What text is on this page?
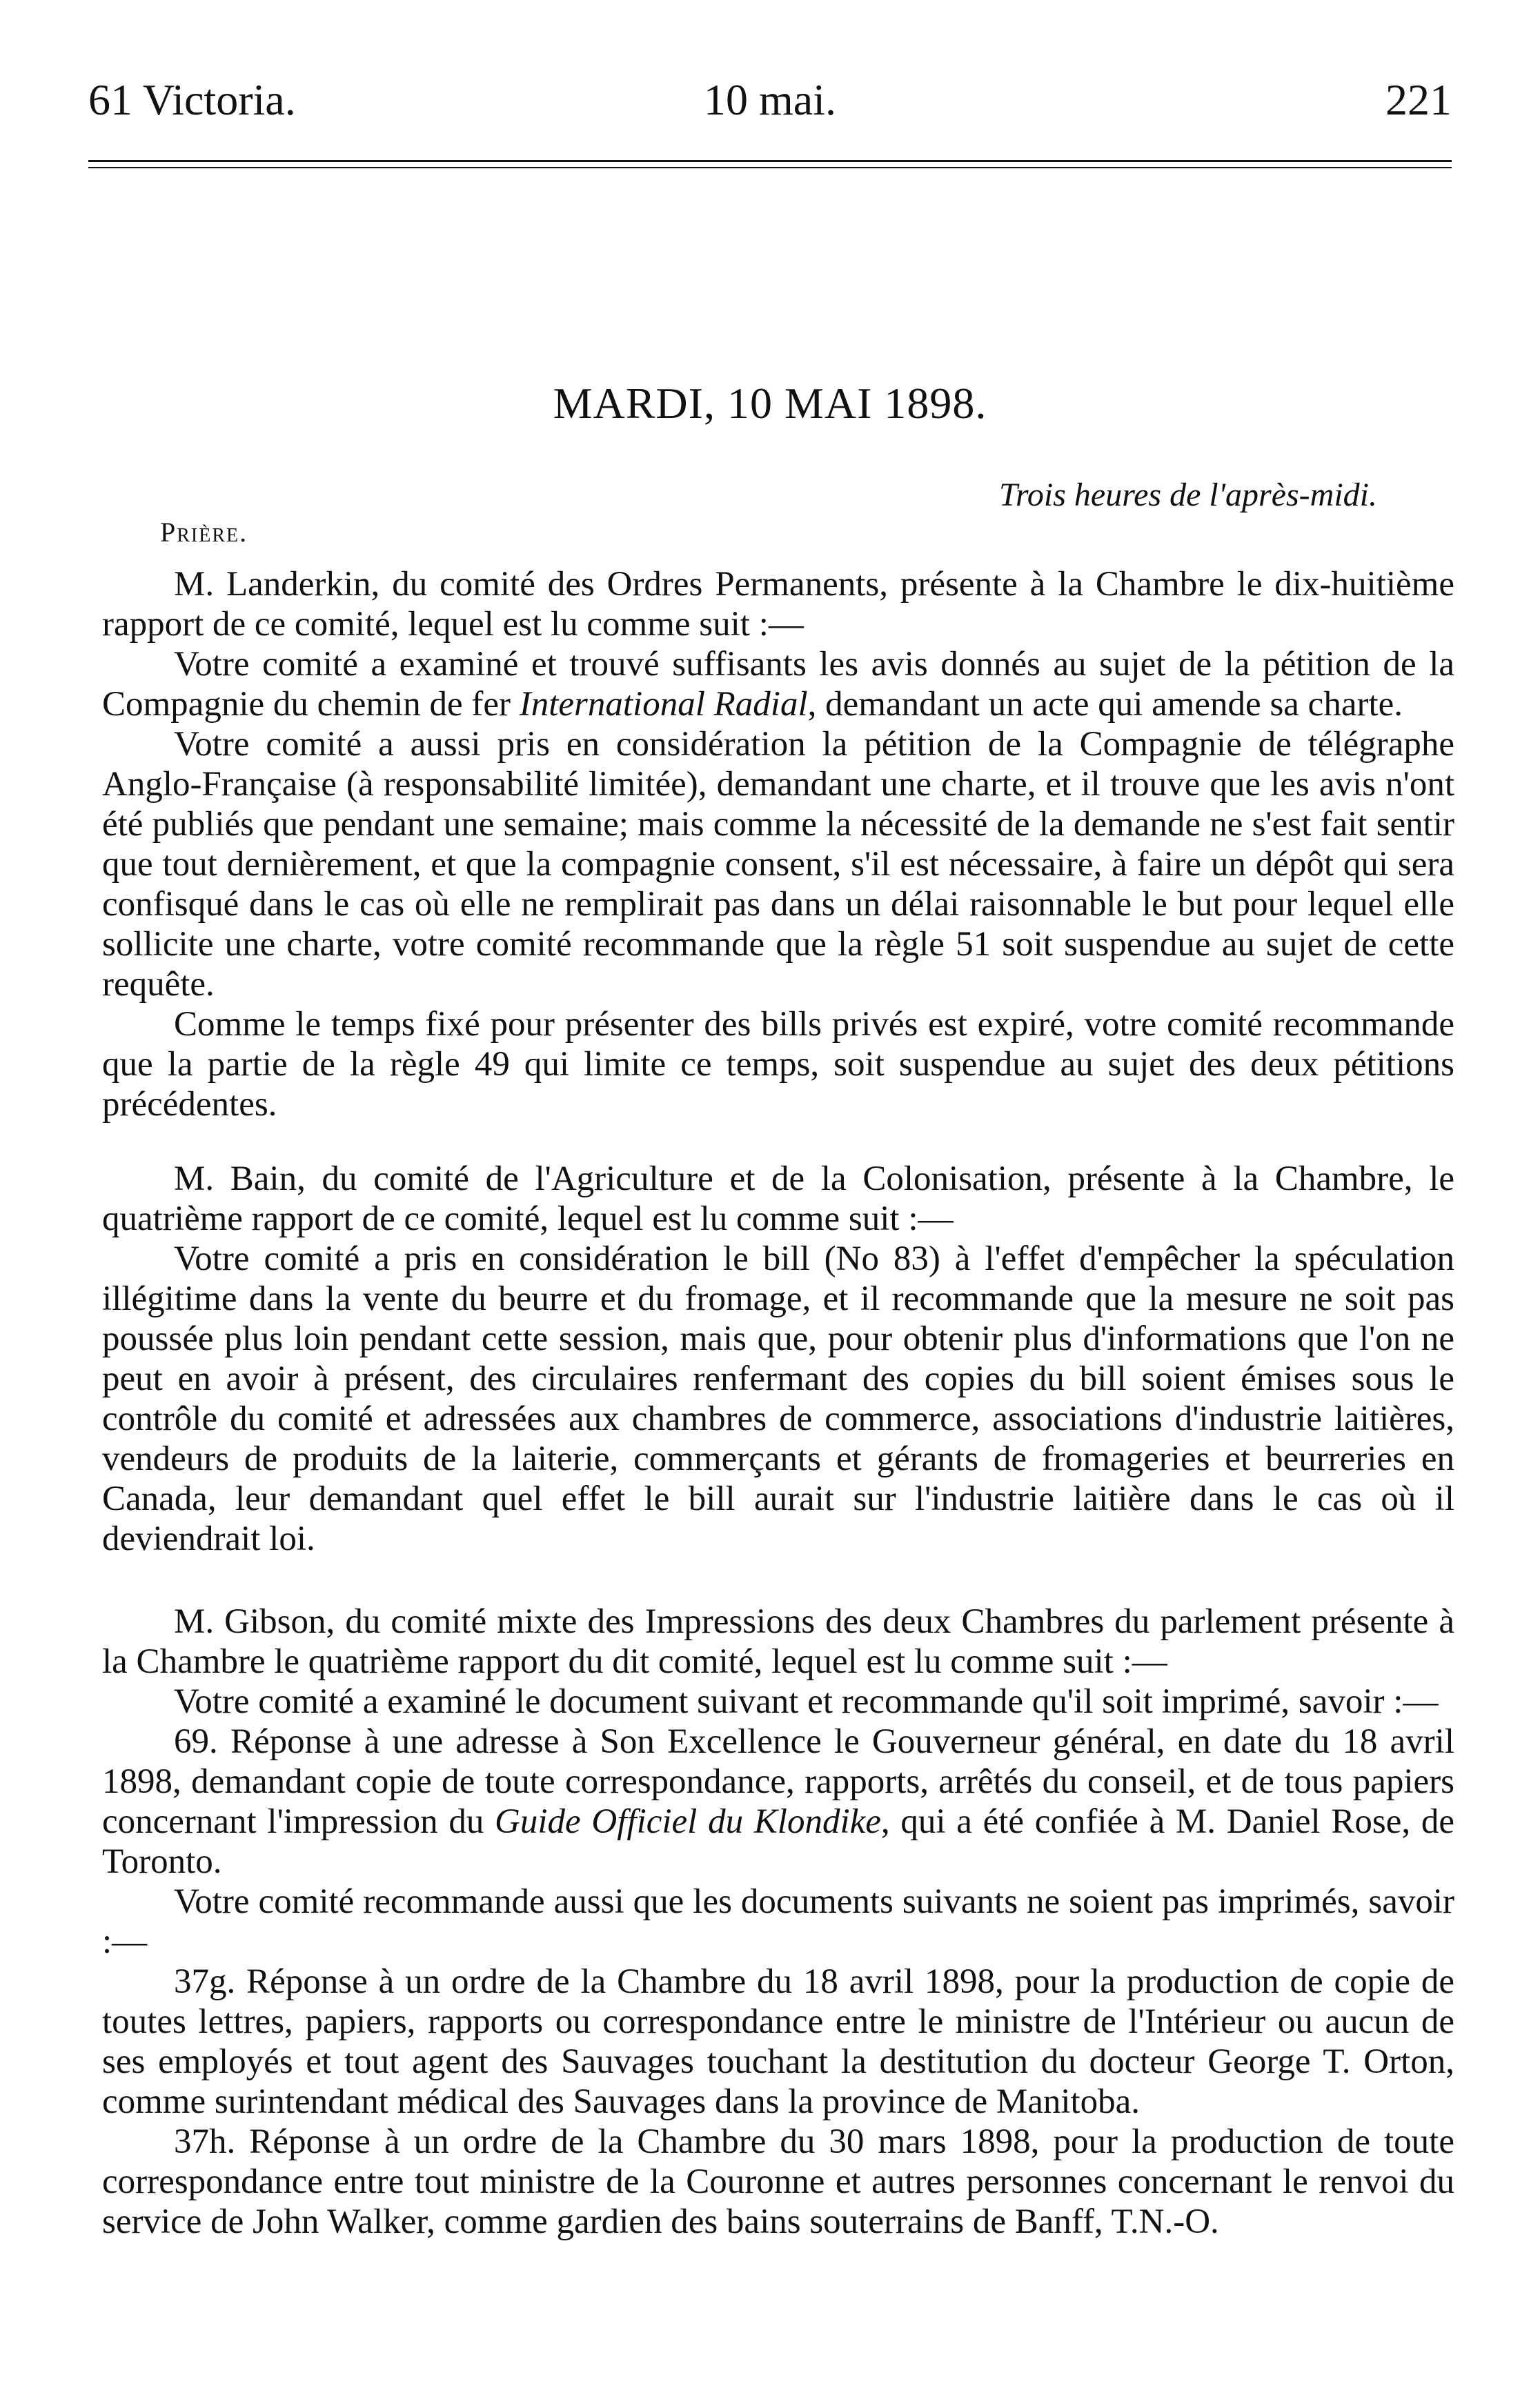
61 Victoria.	10 mai.	221
MARDI, 10 MAI 1898.
Trois heures de l'après-midi.
Prière.

M. Landerkin, du comité des Ordres Permanents, présente à la Chambre le dix-huitième rapport de ce comité, lequel est lu comme suit :—

Votre comité a examiné et trouvé suffisants les avis donnés au sujet de la pétition de la Compagnie du chemin de fer International Radial, demandant un acte qui amende sa charte.

Votre comité a aussi pris en considération la pétition de la Compagnie de télégraphe Anglo-Française (à responsabilité limitée), demandant une charte, et il trouve que les avis n'ont été publiés que pendant une semaine; mais comme la nécessité de la demande ne s'est fait sentir que tout dernièrement, et que la compagnie consent, s'il est nécessaire, à faire un dépôt qui sera confisqué dans le cas où elle ne remplirait pas dans un délai raisonnable le but pour lequel elle sollicite une charte, votre comité recommande que la règle 51 soit suspendue au sujet de cette requête.

Comme le temps fixé pour présenter des bills privés est expiré, votre comité recommande que la partie de la règle 49 qui limite ce temps, soit suspendue au sujet des deux pétitions précédentes.

M. Bain, du comité de l'Agriculture et de la Colonisation, présente à la Chambre, le quatrième rapport de ce comité, lequel est lu comme suit :—

Votre comité a pris en considération le bill (No 83) à l'effet d'empêcher la spéculation illégitime dans la vente du beurre et du fromage, et il recommande que la mesure ne soit pas poussée plus loin pendant cette session, mais que, pour obtenir plus d'informations que l'on ne peut en avoir à présent, des circulaires renfermant des copies du bill soient émises sous le contrôle du comité et adressées aux chambres de commerce, associations d'industrie laitières, vendeurs de produits de la laiterie, commerçants et gérants de fromageries et beurreries en Canada, leur demandant quel effet le bill aurait sur l'industrie laitière dans le cas où il deviendrait loi.

M. Gibson, du comité mixte des Impressions des deux Chambres du parlement présente à la Chambre le quatrième rapport du dit comité, lequel est lu comme suit :—

Votre comité a examiné le document suivant et recommande qu'il soit imprimé, savoir :—

69. Réponse à une adresse à Son Excellence le Gouverneur général, en date du 18 avril 1898, demandant copie de toute correspondance, rapports, arrêtés du conseil, et de tous papiers concernant l'impression du Guide Officiel du Klondike, qui a été confiée à M. Daniel Rose, de Toronto.

Votre comité recommande aussi que les documents suivants ne soient pas imprimés, savoir :—

37g. Réponse à un ordre de la Chambre du 18 avril 1898, pour la production de copie de toutes lettres, papiers, rapports ou correspondance entre le ministre de l'Intérieur ou aucun de ses employés et tout agent des Sauvages touchant la destitution du docteur George T. Orton, comme surintendant médical des Sauvages dans la province de Manitoba.

37h. Réponse à un ordre de la Chambre du 30 mars 1898, pour la production de toute correspondance entre tout ministre de la Couronne et autres personnes concernant le renvoi du service de John Walker, comme gardien des bains souterrains de Banff, T.N.-O.
